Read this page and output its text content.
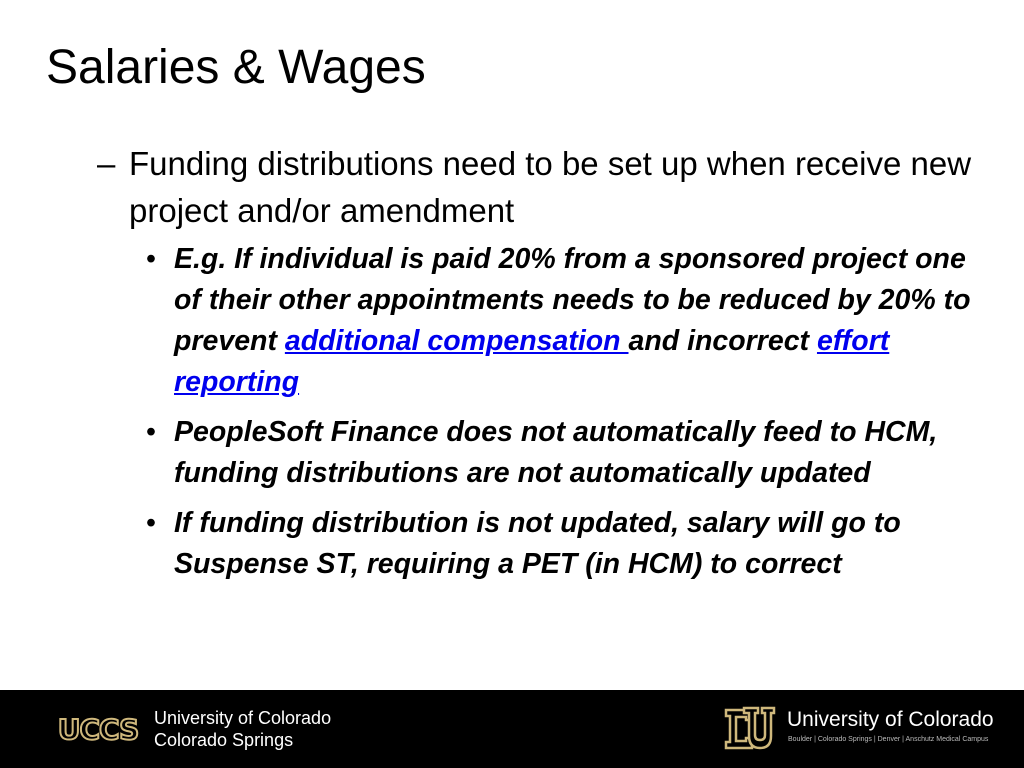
Salaries & Wages
– Funding distributions need to be set up when receive new project and/or amendment
• E.g. If individual is paid 20% from a sponsored project one of their other appointments needs to be reduced by 20% to prevent additional compensation and incorrect effort reporting
• PeopleSoft Finance does not automatically feed to HCM, funding distributions are not automatically updated
• If funding distribution is not updated, salary will go to Suspense ST, requiring a PET (in HCM) to correct
UCCS University of Colorado
Colorado Springs
University of Colorado
Boulder | Colorado Springs | Denver | Anschutz Medical Campus
